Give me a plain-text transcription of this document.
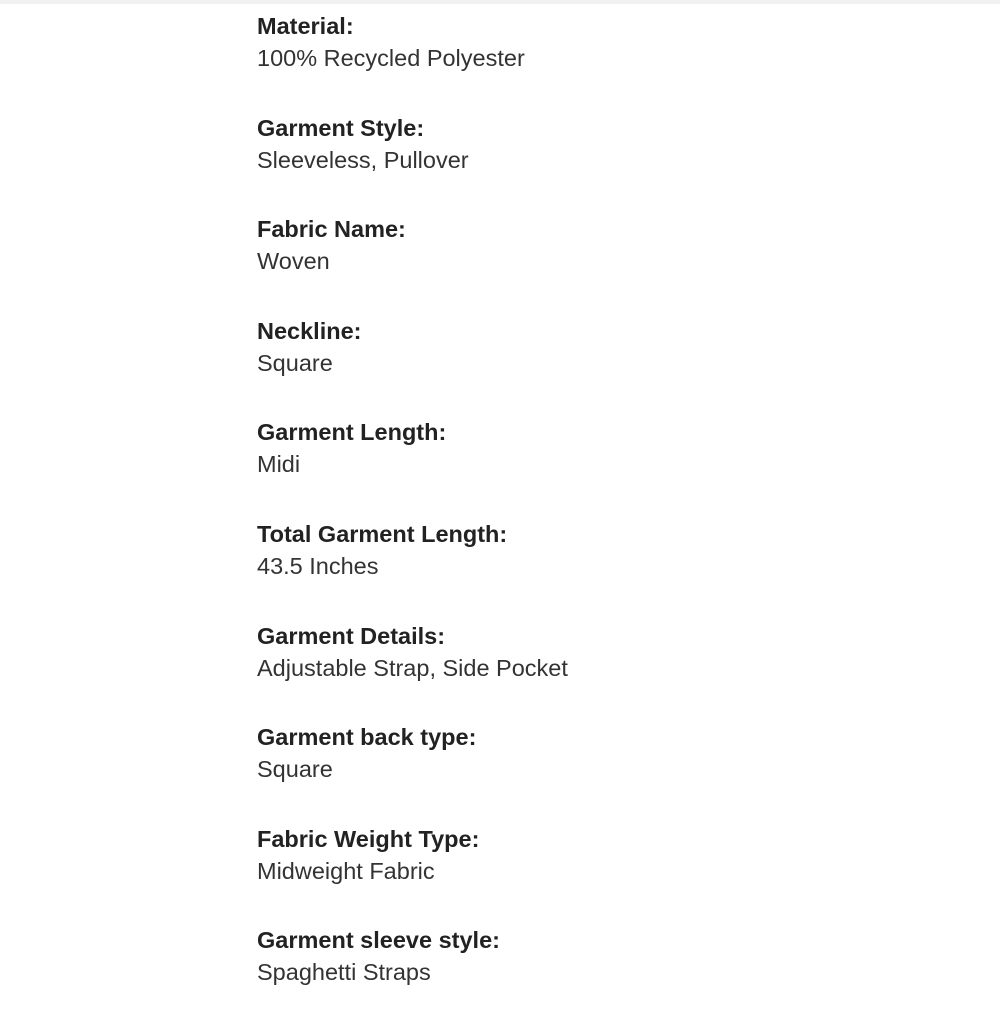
Material:
100% Recycled Polyester
Garment Style:
Sleeveless, Pullover
Fabric Name:
Woven
Neckline:
Square
Garment Length:
Midi
Total Garment Length:
43.5 Inches
Garment Details:
Adjustable Strap, Side Pocket
Garment back type:
Square
Fabric Weight Type:
Midweight Fabric
Garment sleeve style:
Spaghetti Straps
